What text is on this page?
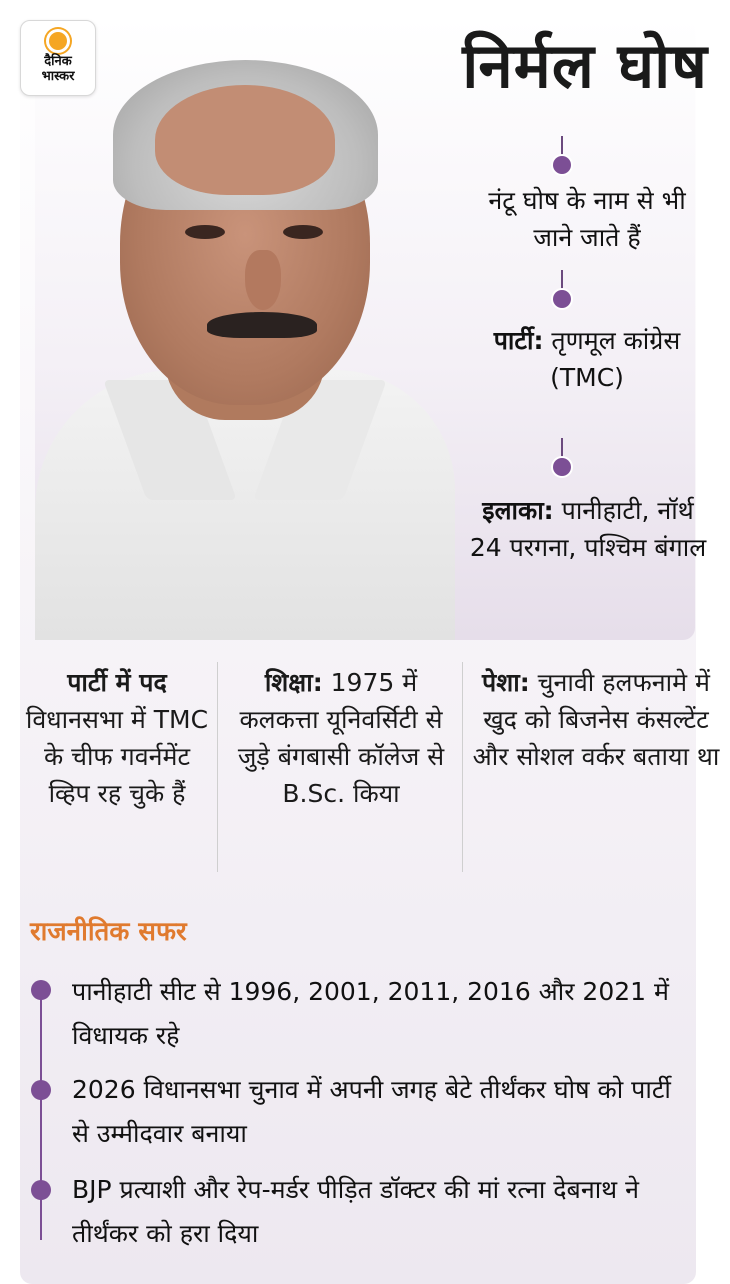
दैनिक
भास्कर	निर्मल घोष
नंटू घोष के नाम से भी जाने जाते हैं
पार्टी: तृणमूल कांग्रेस (TMC)
इलाका: पानीहाटी, नॉर्थ 24 परगना, पश्चिम बंगाल
पार्टी में पद
विधानसभा में TMC के चीफ गवर्नमेंट व्हिप रह चुके हैं
शिक्षा: 1975 में कलकत्ता यूनिवर्सिटी से जुड़े बंगबासी कॉलेज से B.Sc. किया
पेशा: चुनावी हलफनामे में खुद को बिजनेस कंसल्टेंट और सोशल वर्कर बताया था
राजनीतिक सफर
पानीहाटी सीट से 1996, 2001, 2011, 2016 और 2021 में विधायक रहे
2026 विधानसभा चुनाव में अपनी जगह बेटे तीर्थंकर घोष को पार्टी से उम्मीदवार बनाया
BJP प्रत्याशी और रेप-मर्डर पीड़ित डॉक्टर की मां रत्ना देबनाथ ने तीर्थंकर को हरा दिया
